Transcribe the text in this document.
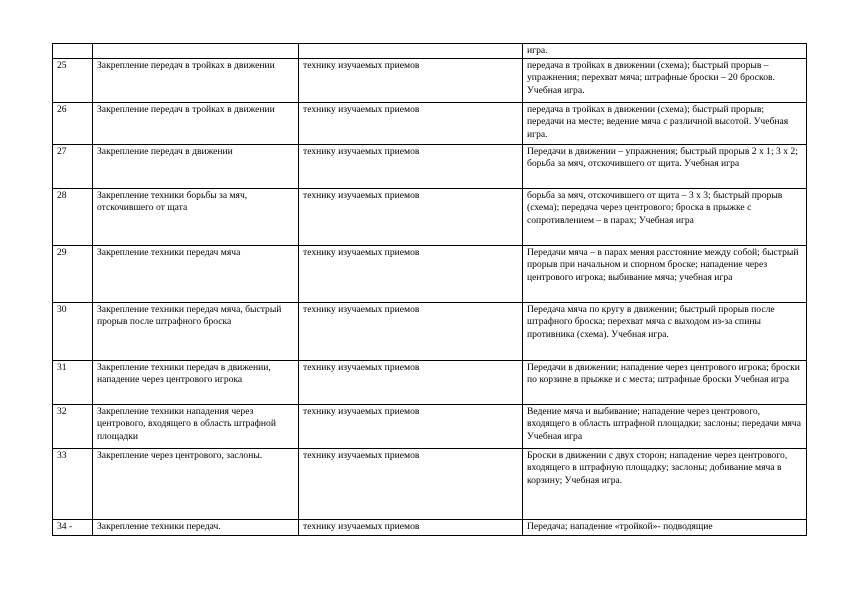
			игра.
25	Закрепление передач в тройках в движении	технику изучаемых приемов	передача в тройках в движении (схема); быстрый прорыв – упражнения; перехват мяча; штрафные броски – 20 бросков. Учебная игра.
26	Закрепление передач в тройках в движении	технику изучаемых приемов	передача в тройках в движении (схема); быстрый прорыв; передачи на месте; ведение мяча с различной высотой. Учебная игра.
27	Закрепление передач в движении	технику изучаемых приемов	Передачи в движении – упражнения; быстрый прорыв 2 х 1; 3 х 2; борьба за мяч, отскочившего от щита. Учебная игра
28	Закрепление техники борьбы за мяч, отскочившего от щата	технику изучаемых приемов	борьба за мяч, отскочившего от щита – 3 х 3; быстрый прорыв (схема); передача через центрового; броска в прыжке с сопротивлением – в парах; Учебная игра
29	Закрепление техники передач мяча	технику изучаемых приемов	Передачи мяча – в парах меняя расстояние между собой; быстрый прорыв при начальном и спорном броске; нападение через центрового игрока; выбивание мяча; учебная игра
30	Закрепление техники передач мяча, быстрый прорыв после штрафного броска	технику изучаемых приемов	Передача мяча по кругу в движении; быстрый прорыв после штрафного броска; перехват мяча с выходом из-за спины противника (схема). Учебная игра.
31	Закрепление техники передач в движении, нападение через центрового игрока	технику изучаемых приемов	Передачи в движении; нападение через центрового игрока; броски по корзине в прыжке и с места; штрафные броски Учебная игра
32	Закрепление техники нападения через центрового, входящего в область штрафной площадки	технику изучаемых приемов	Ведение мяча и выбивание; нападение через центрового, входящего в область штрафной площадки; заслоны; передачи мяча Учебная игра
33	Закрепление через центрового, заслоны.	технику изучаемых приемов	Броски в движении с двух сторон; нападение через центрового, входящего в штрафную площадку; заслоны; добивание мяча в корзину; Учебная игра.
34 -	Закрепление техники передач.	технику изучаемых приемов	Передача; нападение «тройкой»- подводящие
